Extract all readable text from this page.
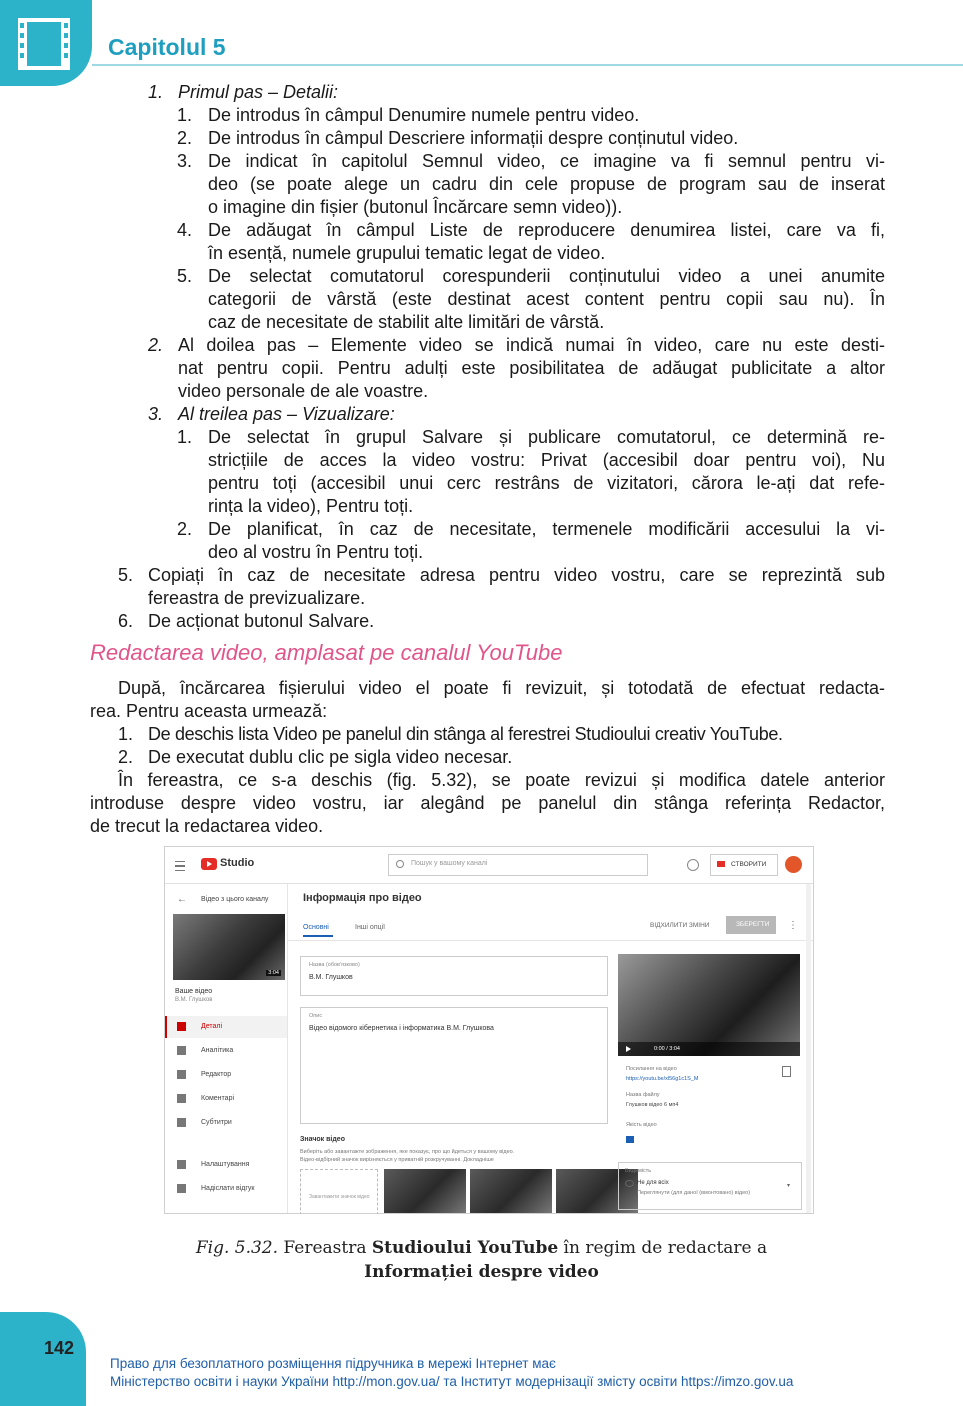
Capitolul 5
1. Primul pas – Detalii:
1. De introdus în câmpul Denumire numele pentru video.
2. De introdus în câmpul Descriere informații despre conținutul video.
3. De indicat în capitolul Semnul video, ce imagine va fi semnul pentru vi-
deo (se poate alege un cadru din cele propuse de program sau de inserat
o imagine din fișier (butonul Încărcare semn video)).
4. De adăugat în câmpul Liste de reproducere denumirea listei, care va fi,
în esență, numele grupului tematic legat de video.
5. De selectat comutatorul corespunderii conținutului video a unei anumite
categorii de vârstă (este destinat acest content pentru copii sau nu). În
caz de necesitate de stabilit alte limitări de vârstă.
2. Al doilea pas – Elemente video se indică numai în video, care nu este desti-
nat pentru copii. Pentru adulți este posibilitatea de adăugat publicitate a altor
video personale de ale voastre.
3. Al treilea pas – Vizualizare:
1. De selectat în grupul Salvare și publicare comutatorul, ce determină re-
stricțiile de acces la video vostru: Privat (accesibil doar pentru voi), Nu
pentru toți (accesibil unui cerc restrâns de vizitatori, cărora le-ați dat refe-
rința la video), Pentru toți.
2. De planificat, în caz de necesitate, termenele modificării accesului la vi-
deo al vostru în Pentru toți.
5. Copiați în caz de necesitate adresa pentru video vostru, care se reprezintă sub
fereastra de previzualizare.
6. De acționat butonul Salvare.
Redactarea video, amplasat pe canalul YouTube
După, încărcarea fișierului video el poate fi revizuit, și totodată de efectuat redacta-
rea. Pentru aceasta urmează:
1. De deschis lista Video pe panelul din stânga al ferestrei Studioului creativ YouTube.
2. De executat dublu clic pe sigla video necesar.
În fereastra, ce s-a deschis (fig. 5.32), se poate revizui și modifica datele anterior
introduse despre video vostru, iar alegând pe panelul din stânga referința Redactor,
de trecut la redactarea video.
Studio	Пошук у вашому каналі	СТВОРИТИ
← Відео з цього каналу
3:04
Ваше відео
В.М. Глушков
Деталі
Аналітика
Редактор
Коментарі
Субтитри
Налаштування
Надіслати відгук
Інформація про відео
Основні	Інші опції	ВІДХИЛИТИ ЗМІНИ	ЗБЕРЕГТИ ⋮
Назва (обов'язково)
В.М. Глушков
Опис
Відео відомого кібернетика і інформатика В.М. Глушкова
Значок відео
Виберіть або завантажте зображення, яке показує, про що йдеться у вашому відео.
Відео-відбірний значок вирізняється у приватній розкручуванні. Докладніше
Завантажити значок відео
0:00 / 3:04
Посилання на відео
https://youtu.be/xl56g1c1S_M
Назва файлу
Глушков відео 6 мп4
Якість відео
Видимість
Не для всіх
Переглянути (для даної (вмонтовано) відео)
▾
Fig. 5.32. Fereastra Studioului YouTube în regim de redactare a
Informației despre video
142
Право для безоплатного розміщення підручника в мережі Інтернет має
Міністерство освіти і науки України http://mon.gov.ua/ та Інститут модернізації змісту освіти https://imzo.gov.ua
